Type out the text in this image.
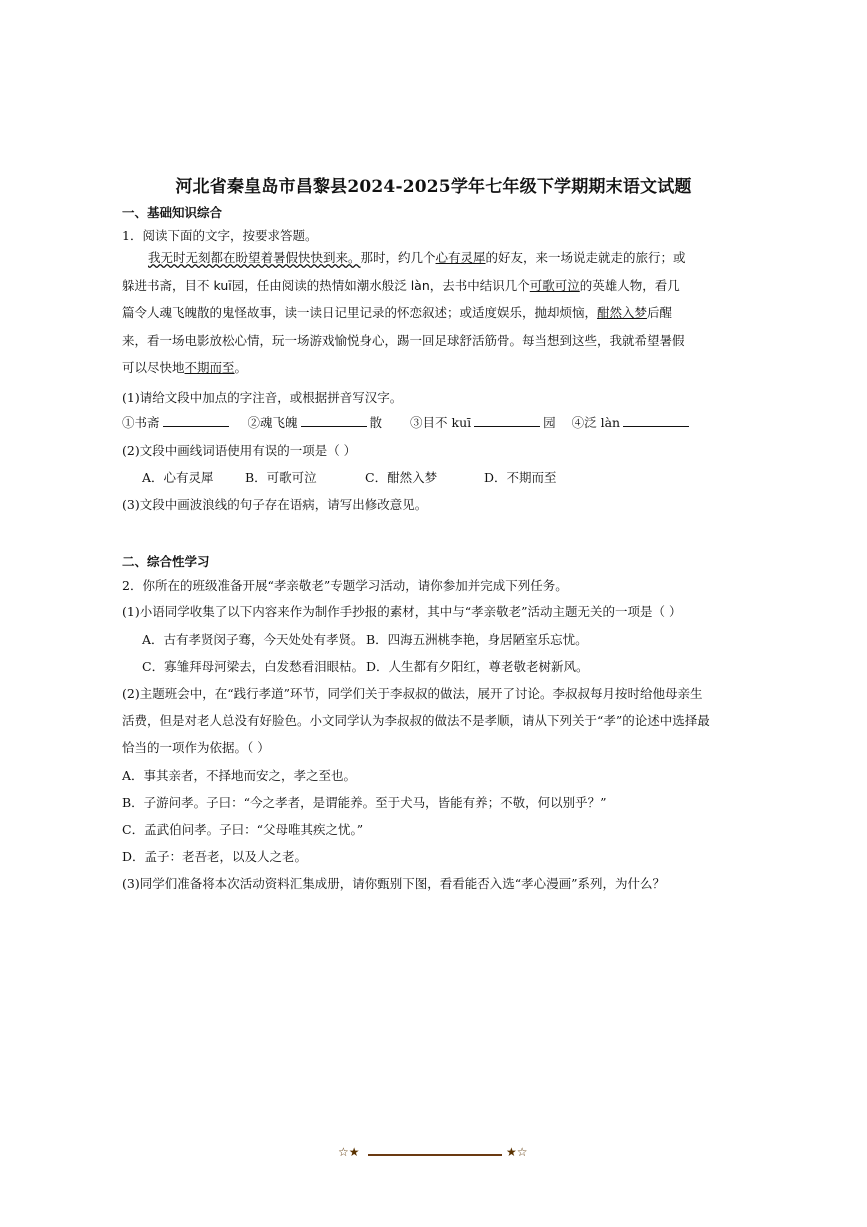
河北省秦皇岛市昌黎县2024-2025学年七年级下学期期末语文试题
一、基础知识综合
1．阅读下面的文字，按要求答题。
我无时无刻都在盼望着暑假快快到来。那时，约几个心有灵犀的好友，来一场说走就走的旅行；或躲进书斋，目不 kuī园，任由阅读的热情如潮水般泛 làn，去书中结识几个可歌可泣的英雄人物，看几篇令人魂飞魄散的鬼怪故事，读一读日记里记录的怀恋叙述；或适度娱乐，抛却烦恼，酣然入梦后醒来，看一场电影放松心情，玩一场游戏愉悦身心，踢一回足球舒活筋骨。每当想到这些，我就希望暑假可以尽快地不期而至。
(1)请给文段中加点的字注音，或根据拼音写汉字。
①书斋	②魂飞魄	散 ③目不 kuī	园 ④泛 làn
(2)文段中画线词语使用有误的一项是（ ）
A．心有灵犀	B．可歌可泣	C．酣然入梦	D．不期而至
(3)文段中画波浪线的句子存在语病，请写出修改意见。
二、综合性学习
2．你所在的班级准备开展“孝亲敬老”专题学习活动，请你参加并完成下列任务。
(1)小语同学收集了以下内容来作为制作手抄报的素材，其中与“孝亲敬老”活动主题无关的一项是（ ）
A．古有孝贤闵子骞，今天处处有孝贤。 B．四海五洲桃李艳，身居陋室乐忘忧。
C．寡雏拜母河梁去，白发愁看泪眼枯。 D．人生都有夕阳红，尊老敬老树新风。
(2)主题班会中，在“践行孝道”环节，同学们关于李叔叔的做法，展开了讨论。李叔叔每月按时给他母亲生
活费，但是对老人总没有好脸色。小文同学认为李叔叔的做法不是孝顺，请从下列关于“孝”的论述中选择最
恰当的一项作为依据。（ ）
A．事其亲者，不择地而安之，孝之至也。
B．子游问孝。子曰：“今之孝者，是谓能养。至于犬马，皆能有养；不敬，何以别乎？”
C．孟武伯问孝。子曰：“父母唯其疾之忧。”
D．孟子：老吾老，以及人之老。
(3)同学们准备将本次活动资料汇集成册，请你甄别下图，看看能否入选“孝心漫画”系列，为什么？
☆★	★☆
